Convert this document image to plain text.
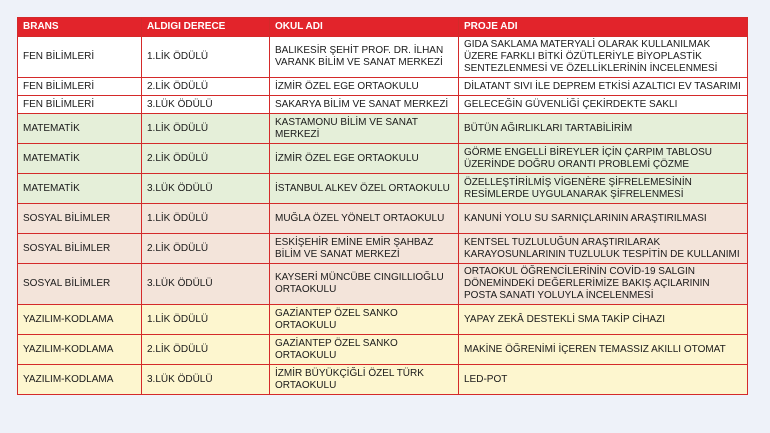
BRANS	ALDIGI DERECE	OKUL ADI	PROJE ADI
FEN BİLİMLERİ	1.LİK ÖDÜLÜ	BALIKESİR ŞEHİT PROF. DR. İLHAN VARANK BİLİM VE SANAT MERKEZİ	GIDA SAKLAMA MATERYALİ OLARAK KULLANILMAK ÜZERE FARKLI BİTKİ ÖZÜTLERİYLE BİYOPLASTİK SENTEZLENMESİ VE ÖZELLİKLERİNİN İNCELENMESİ
FEN BİLİMLERİ	2.LİK ÖDÜLÜ	İZMİR ÖZEL EGE ORTAOKULU	DİLATANT SIVI İLE DEPREM ETKİSİ AZALTICI EV TASARIMI
FEN BİLİMLERİ	3.LÜK ÖDÜLÜ	SAKARYA BİLİM VE SANAT MERKEZİ	GELECEĞİN GÜVENLİĞİ ÇEKİRDEKTE SAKLI
MATEMATİK	1.LİK ÖDÜLÜ	KASTAMONU BİLİM VE SANAT MERKEZİ	BÜTÜN AĞIRLIKLARI TARTABİLİRİM
MATEMATİK	2.LİK ÖDÜLÜ	İZMİR ÖZEL EGE ORTAOKULU	GÖRME ENGELLİ BİREYLER İÇİN ÇARPIM TABLOSU ÜZERİNDE DOĞRU ORANTI PROBLEMİ ÇÖZME
MATEMATİK	3.LÜK ÖDÜLÜ	İSTANBUL ALKEV ÖZEL ORTAOKULU	ÖZELLEŞTİRİLMİŞ VİGENÈRE ŞİFRELEMESİNİN RESİMLERDE UYGULANARAK ŞİFRELENMESİ
SOSYAL BİLİMLER	1.LİK ÖDÜLÜ	MUĞLA ÖZEL YÖNELT ORTAOKULU	KANUNİ YOLU SU SARNIÇLARININ ARAŞTIRILMASI
SOSYAL BİLİMLER	2.LİK ÖDÜLÜ	ESKİŞEHİR EMİNE EMİR ŞAHBAZ BİLİM VE SANAT MERKEZİ	KENTSEL TUZLULUĞUN ARAŞTIRILARAK KARAYOSUNLARININ TUZLULUK TESPİTİN DE KULLANIMI
SOSYAL BİLİMLER	3.LÜK ÖDÜLÜ	KAYSERİ MÜNCÜBE CINGILLIOĞLU ORTAOKULU	ORTAOKUL ÖĞRENCİLERİNİN COVİD-19 SALGIN DÖNEMİNDEKİ DEĞERLERİMİZE BAKIŞ AÇILARININ POSTA SANATI YOLUYLA İNCELENMESİ
YAZILIM-KODLAMA	1.LİK ÖDÜLÜ	GAZİANTEP ÖZEL SANKO ORTAOKULU	YAPAY ZEKÂ DESTEKLİ SMA TAKİP CİHAZI
YAZILIM-KODLAMA	2.LİK ÖDÜLÜ	GAZİANTEP ÖZEL SANKO ORTAOKULU	MAKİNE ÖĞRENİMİ İÇEREN TEMASSIZ AKILLI OTOMAT
YAZILIM-KODLAMA	3.LÜK ÖDÜLÜ	İZMİR BÜYÜKÇİĞLİ ÖZEL TÜRK ORTAOKULU	LED-POT
